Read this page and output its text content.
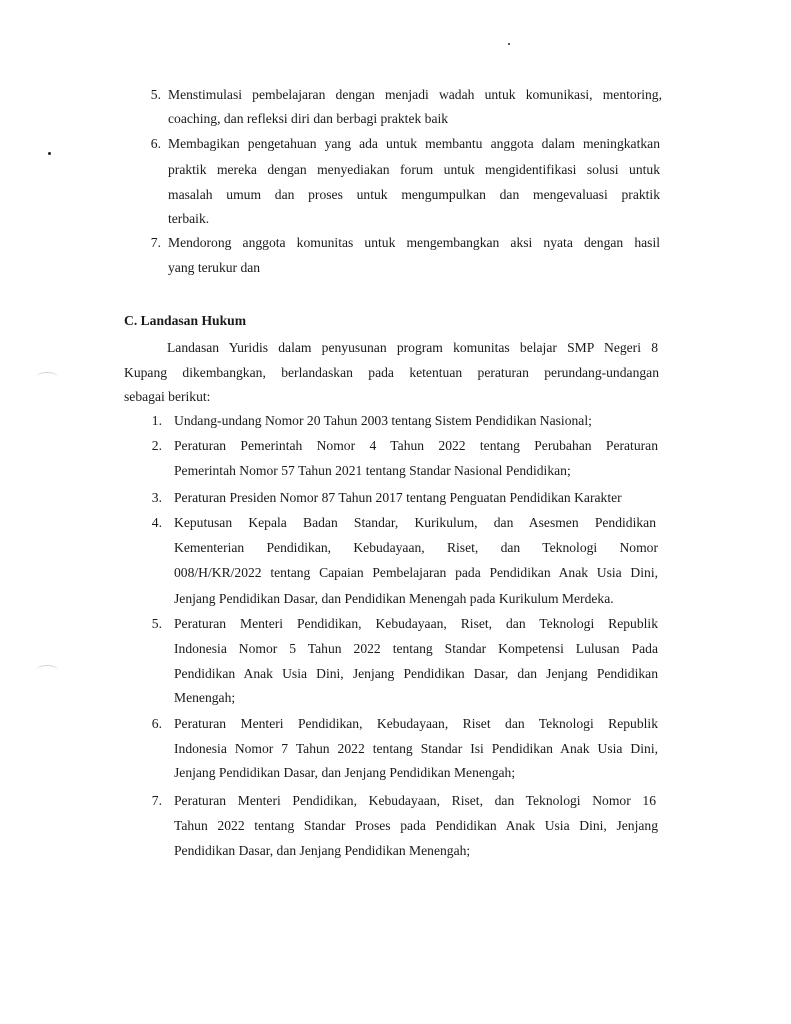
5. Menstimulasi pembelajaran dengan menjadi wadah untuk komunikasi, mentoring,
coaching, dan refleksi diri dan berbagi praktek baik
6. Membagikan pengetahuan yang ada untuk membantu anggota dalam meningkatkan
praktik mereka dengan menyediakan forum untuk mengidentifikasi solusi untuk
masalah umum dan proses untuk mengumpulkan dan mengevaluasi praktik
terbaik.
7. Mendorong anggota komunitas untuk mengembangkan aksi nyata dengan hasil
yang terukur dan
C. Landasan Hukum
Landasan Yuridis dalam penyusunan program komunitas belajar SMP Negeri 8
Kupang dikembangkan, berlandaskan pada ketentuan peraturan perundang-undangan
sebagai berikut:
1. Undang-undang Nomor 20 Tahun 2003 tentang Sistem Pendidikan Nasional;
2. Peraturan Pemerintah Nomor 4 Tahun 2022 tentang Perubahan Peraturan
Pemerintah Nomor 57 Tahun 2021 tentang Standar Nasional Pendidikan;
3. Peraturan Presiden Nomor 87 Tahun 2017 tentang Penguatan Pendidikan Karakter
4. Keputusan Kepala Badan Standar, Kurikulum, dan Asesmen Pendidikan
Kementerian Pendidikan, Kebudayaan, Riset, dan Teknologi Nomor
008/H/KR/2022 tentang Capaian Pembelajaran pada Pendidikan Anak Usia Dini,
Jenjang Pendidikan Dasar, dan Pendidikan Menengah pada Kurikulum Merdeka.
5. Peraturan Menteri Pendidikan, Kebudayaan, Riset, dan Teknologi Republik
Indonesia Nomor 5 Tahun 2022 tentang Standar Kompetensi Lulusan Pada
Pendidikan Anak Usia Dini, Jenjang Pendidikan Dasar, dan Jenjang Pendidikan
Menengah;
6. Peraturan Menteri Pendidikan, Kebudayaan, Riset dan Teknologi Republik
Indonesia Nomor 7 Tahun 2022 tentang Standar Isi Pendidikan Anak Usia Dini,
Jenjang Pendidikan Dasar, dan Jenjang Pendidikan Menengah;
7. Peraturan Menteri Pendidikan, Kebudayaan, Riset, dan Teknologi Nomor 16
Tahun 2022 tentang Standar Proses pada Pendidikan Anak Usia Dini, Jenjang
Pendidikan Dasar, dan Jenjang Pendidikan Menengah;
